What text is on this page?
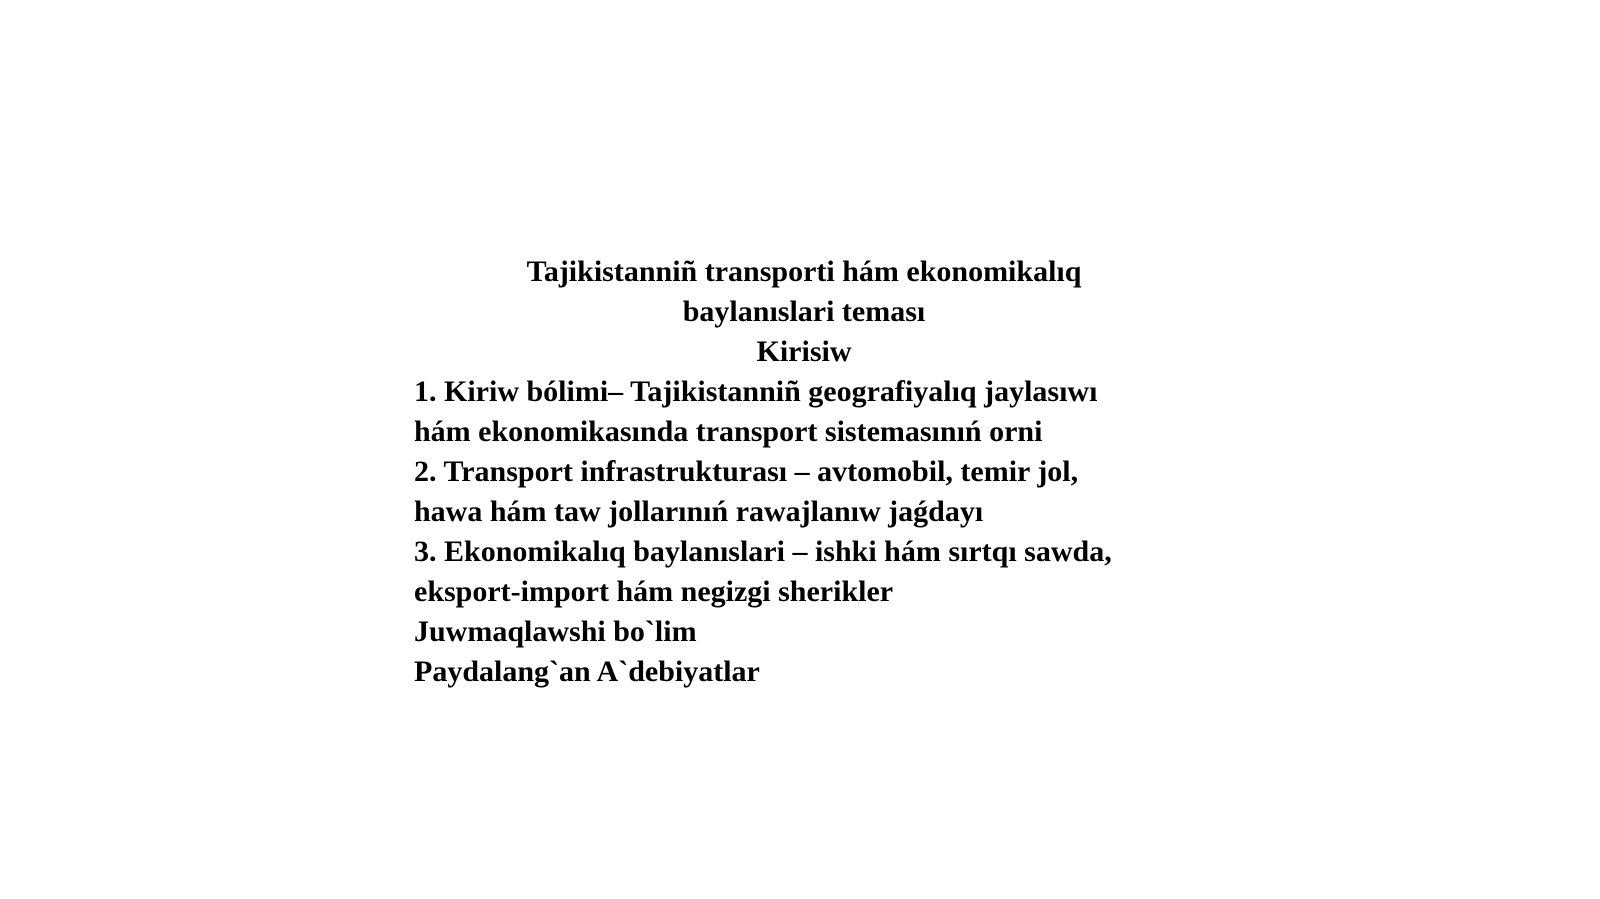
Tajikistanniñ transporti hám ekonomikalıq
baylanıslari teması
Kirisiw
1. Kiriw bólimi– Tajikistanniñ geografiyalıq jaylasıwı
hám ekonomikasında transport sistemasınıń orni
2. Transport infrastrukturası – avtomobil, temir jol,
hawa hám taw jollarınıń rawajlanıw jaǵdayı
3. Ekonomikalıq baylanıslari – ishki hám sırtqı sawda,
eksport-import hám negizgi sherikler
Juwmaqlawshi bo`lim
Paydalang`an A`debiyatlar
